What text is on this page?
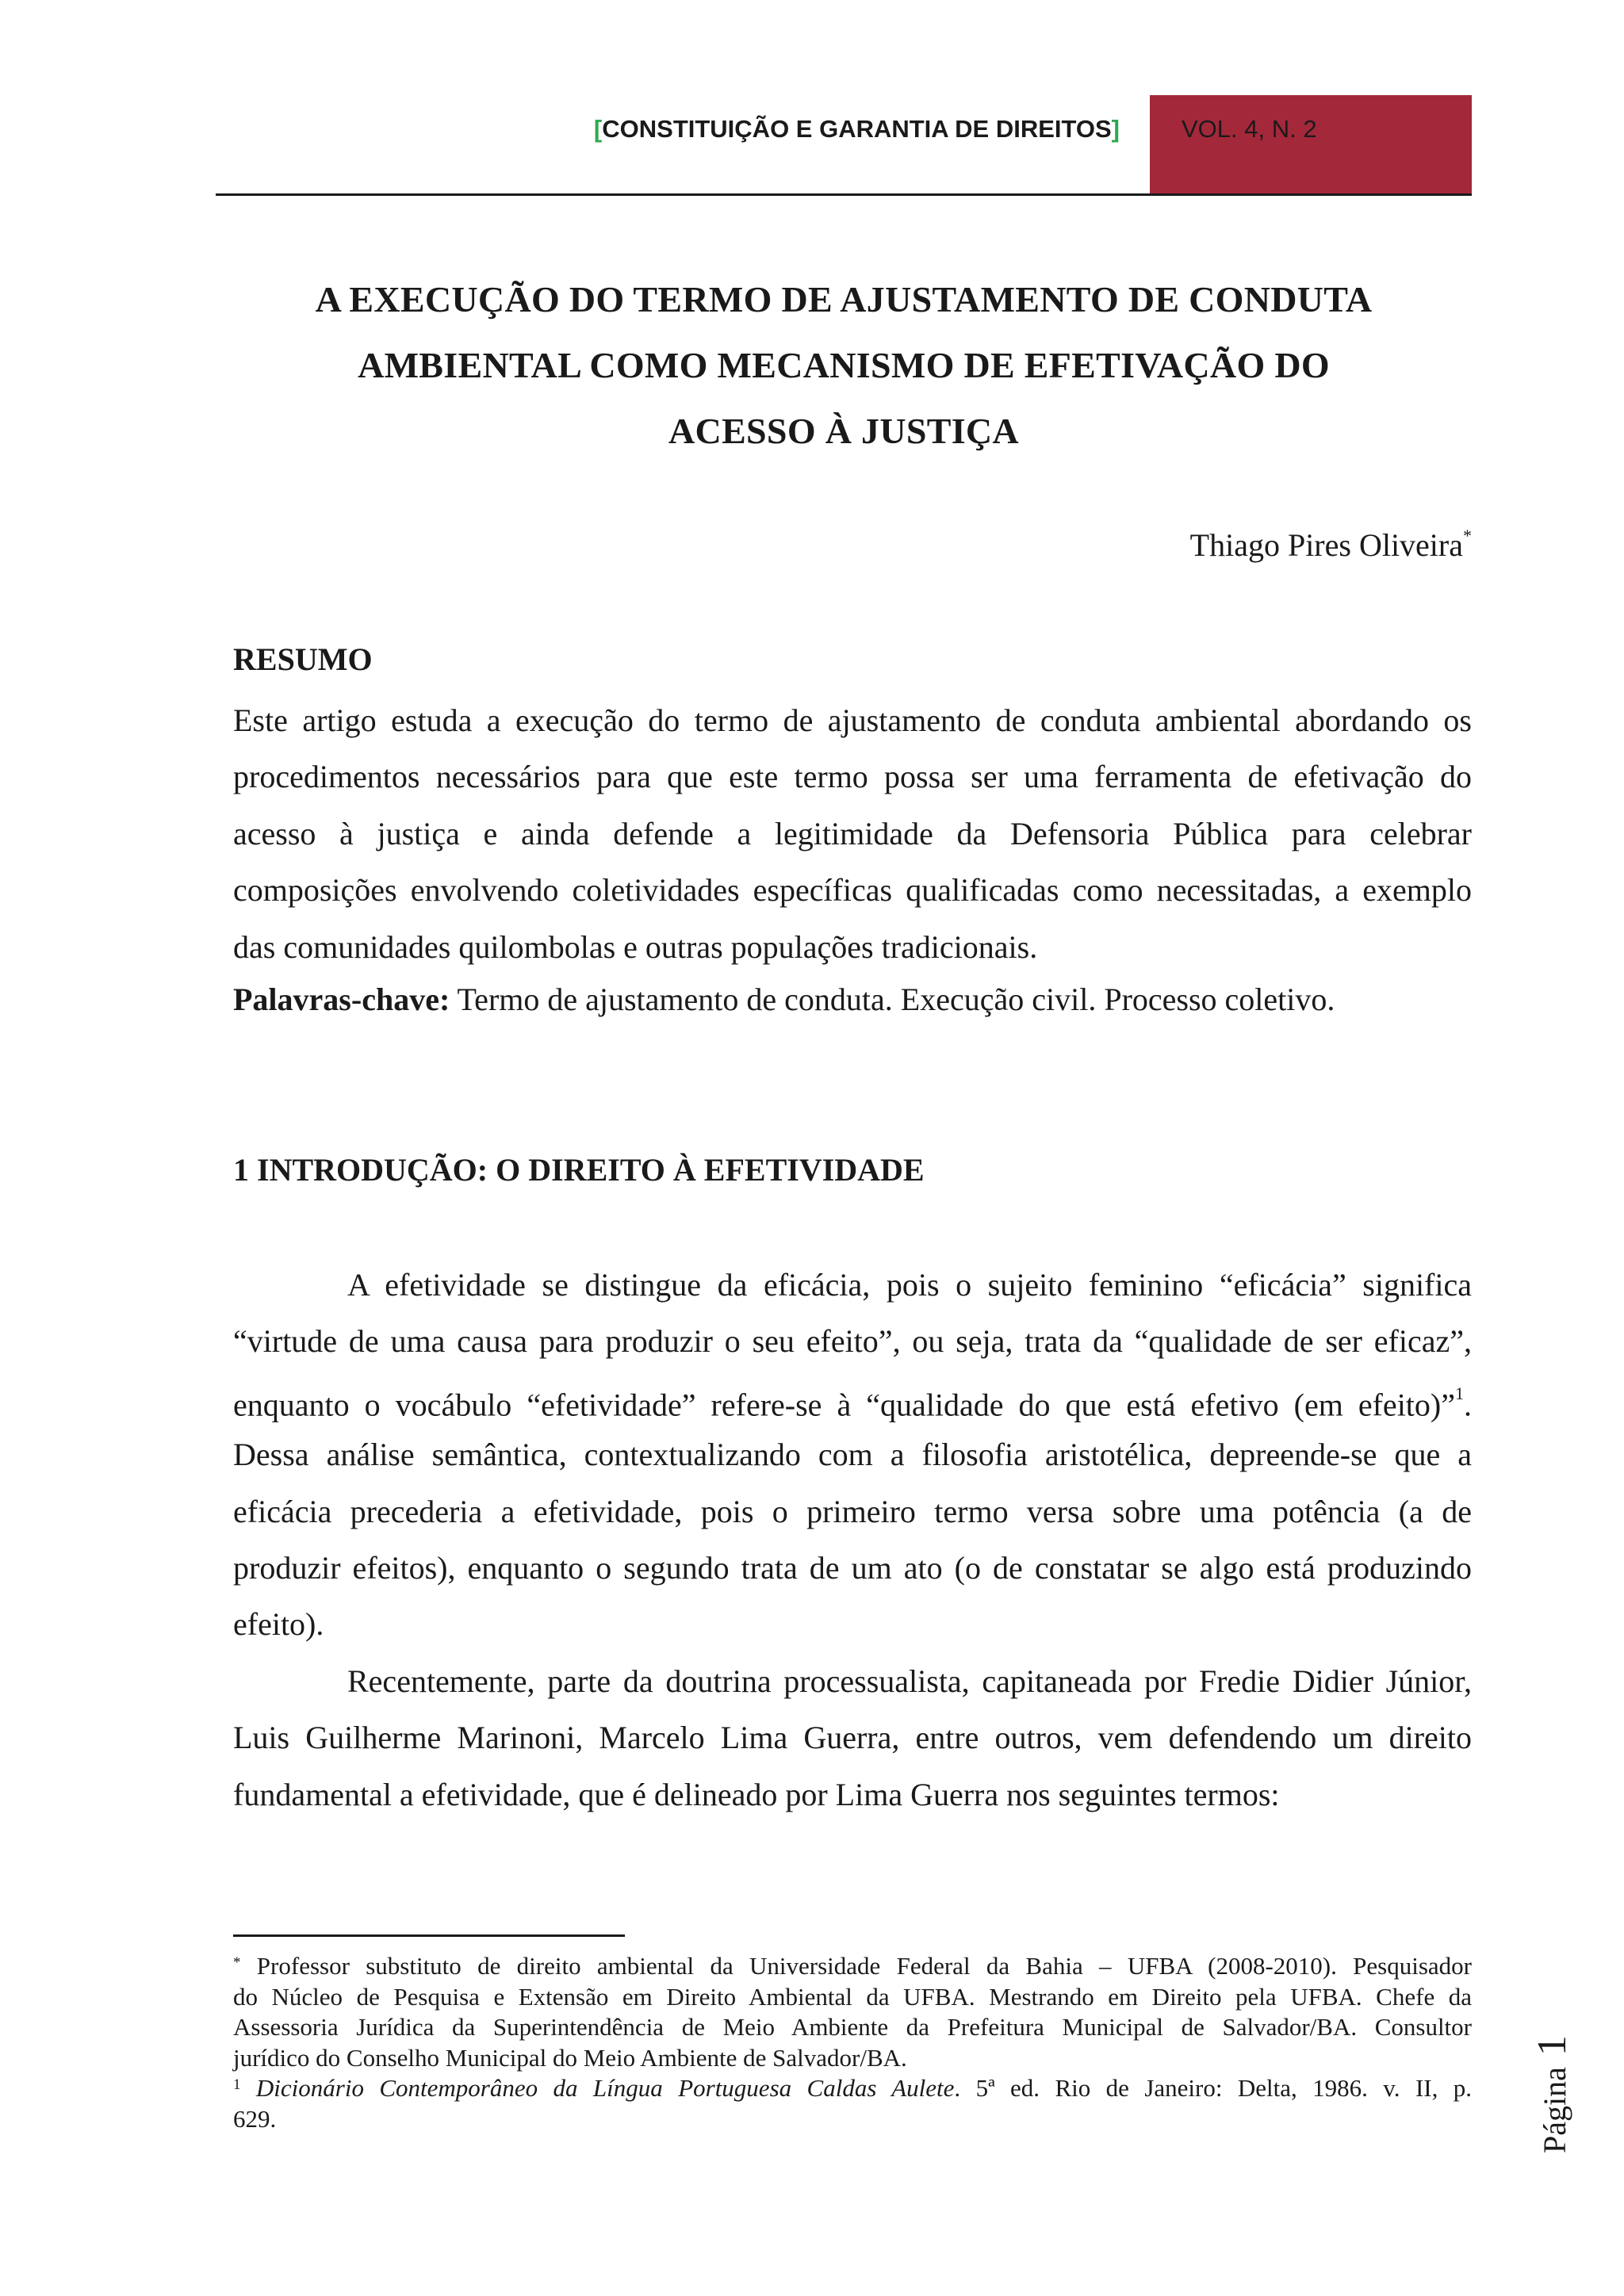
[CONSTITUIÇÃO E GARANTIA DE DIREITOS]	VOL. 4, N. 2
A EXECUÇÃO DO TERMO DE AJUSTAMENTO DE CONDUTA
AMBIENTAL COMO MECANISMO DE EFETIVAÇÃO DO
ACESSO À JUSTIÇA
Thiago Pires Oliveira*
RESUMO
Este artigo estuda a execução do termo de ajustamento de conduta ambiental abordando os
procedimentos necessários para que este termo possa ser uma ferramenta de efetivação do
acesso à justiça e ainda defende a legitimidade da Defensoria Pública para celebrar
composições envolvendo coletividades específicas qualificadas como necessitadas, a exemplo
das comunidades quilombolas e outras populações tradicionais.
Palavras-chave: Termo de ajustamento de conduta. Execução civil. Processo coletivo.
1 INTRODUÇÃO: O DIREITO À EFETIVIDADE
A efetividade se distingue da eficácia, pois o sujeito feminino “eficácia” significa
“virtude de uma causa para produzir o seu efeito”, ou seja, trata da “qualidade de ser eficaz”,
enquanto o vocábulo “efetividade” refere-se à “qualidade do que está efetivo (em efeito)”$^1$.
Dessa análise semântica, contextualizando com a filosofia aristotélica, depreende-se que a
eficácia precederia a efetividade, pois o primeiro termo versa sobre uma potência (a de
produzir efeitos), enquanto o segundo trata de um ato (o de constatar se algo está produzindo
efeito).
Recentemente, parte da doutrina processualista, capitaneada por Fredie Didier Júnior,
Luis Guilherme Marinoni, Marcelo Lima Guerra, entre outros, vem defendendo um direito
fundamental a efetividade, que é delineado por Lima Guerra nos seguintes termos:
* Professor substituto de direito ambiental da Universidade Federal da Bahia – UFBA (2008-2010). Pesquisador
do Núcleo de Pesquisa e Extensão em Direito Ambiental da UFBA. Mestrando em Direito pela UFBA. Chefe da
Assessoria Jurídica da Superintendência de Meio Ambiente da Prefeitura Municipal de Salvador/BA. Consultor
jurídico do Conselho Municipal do Meio Ambiente de Salvador/BA.
$^1$ Dicionário Contemporâneo da Língua Portuguesa Caldas Aulete. 5ª ed. Rio de Janeiro: Delta, 1986. v. II, p.
629.	Página1
